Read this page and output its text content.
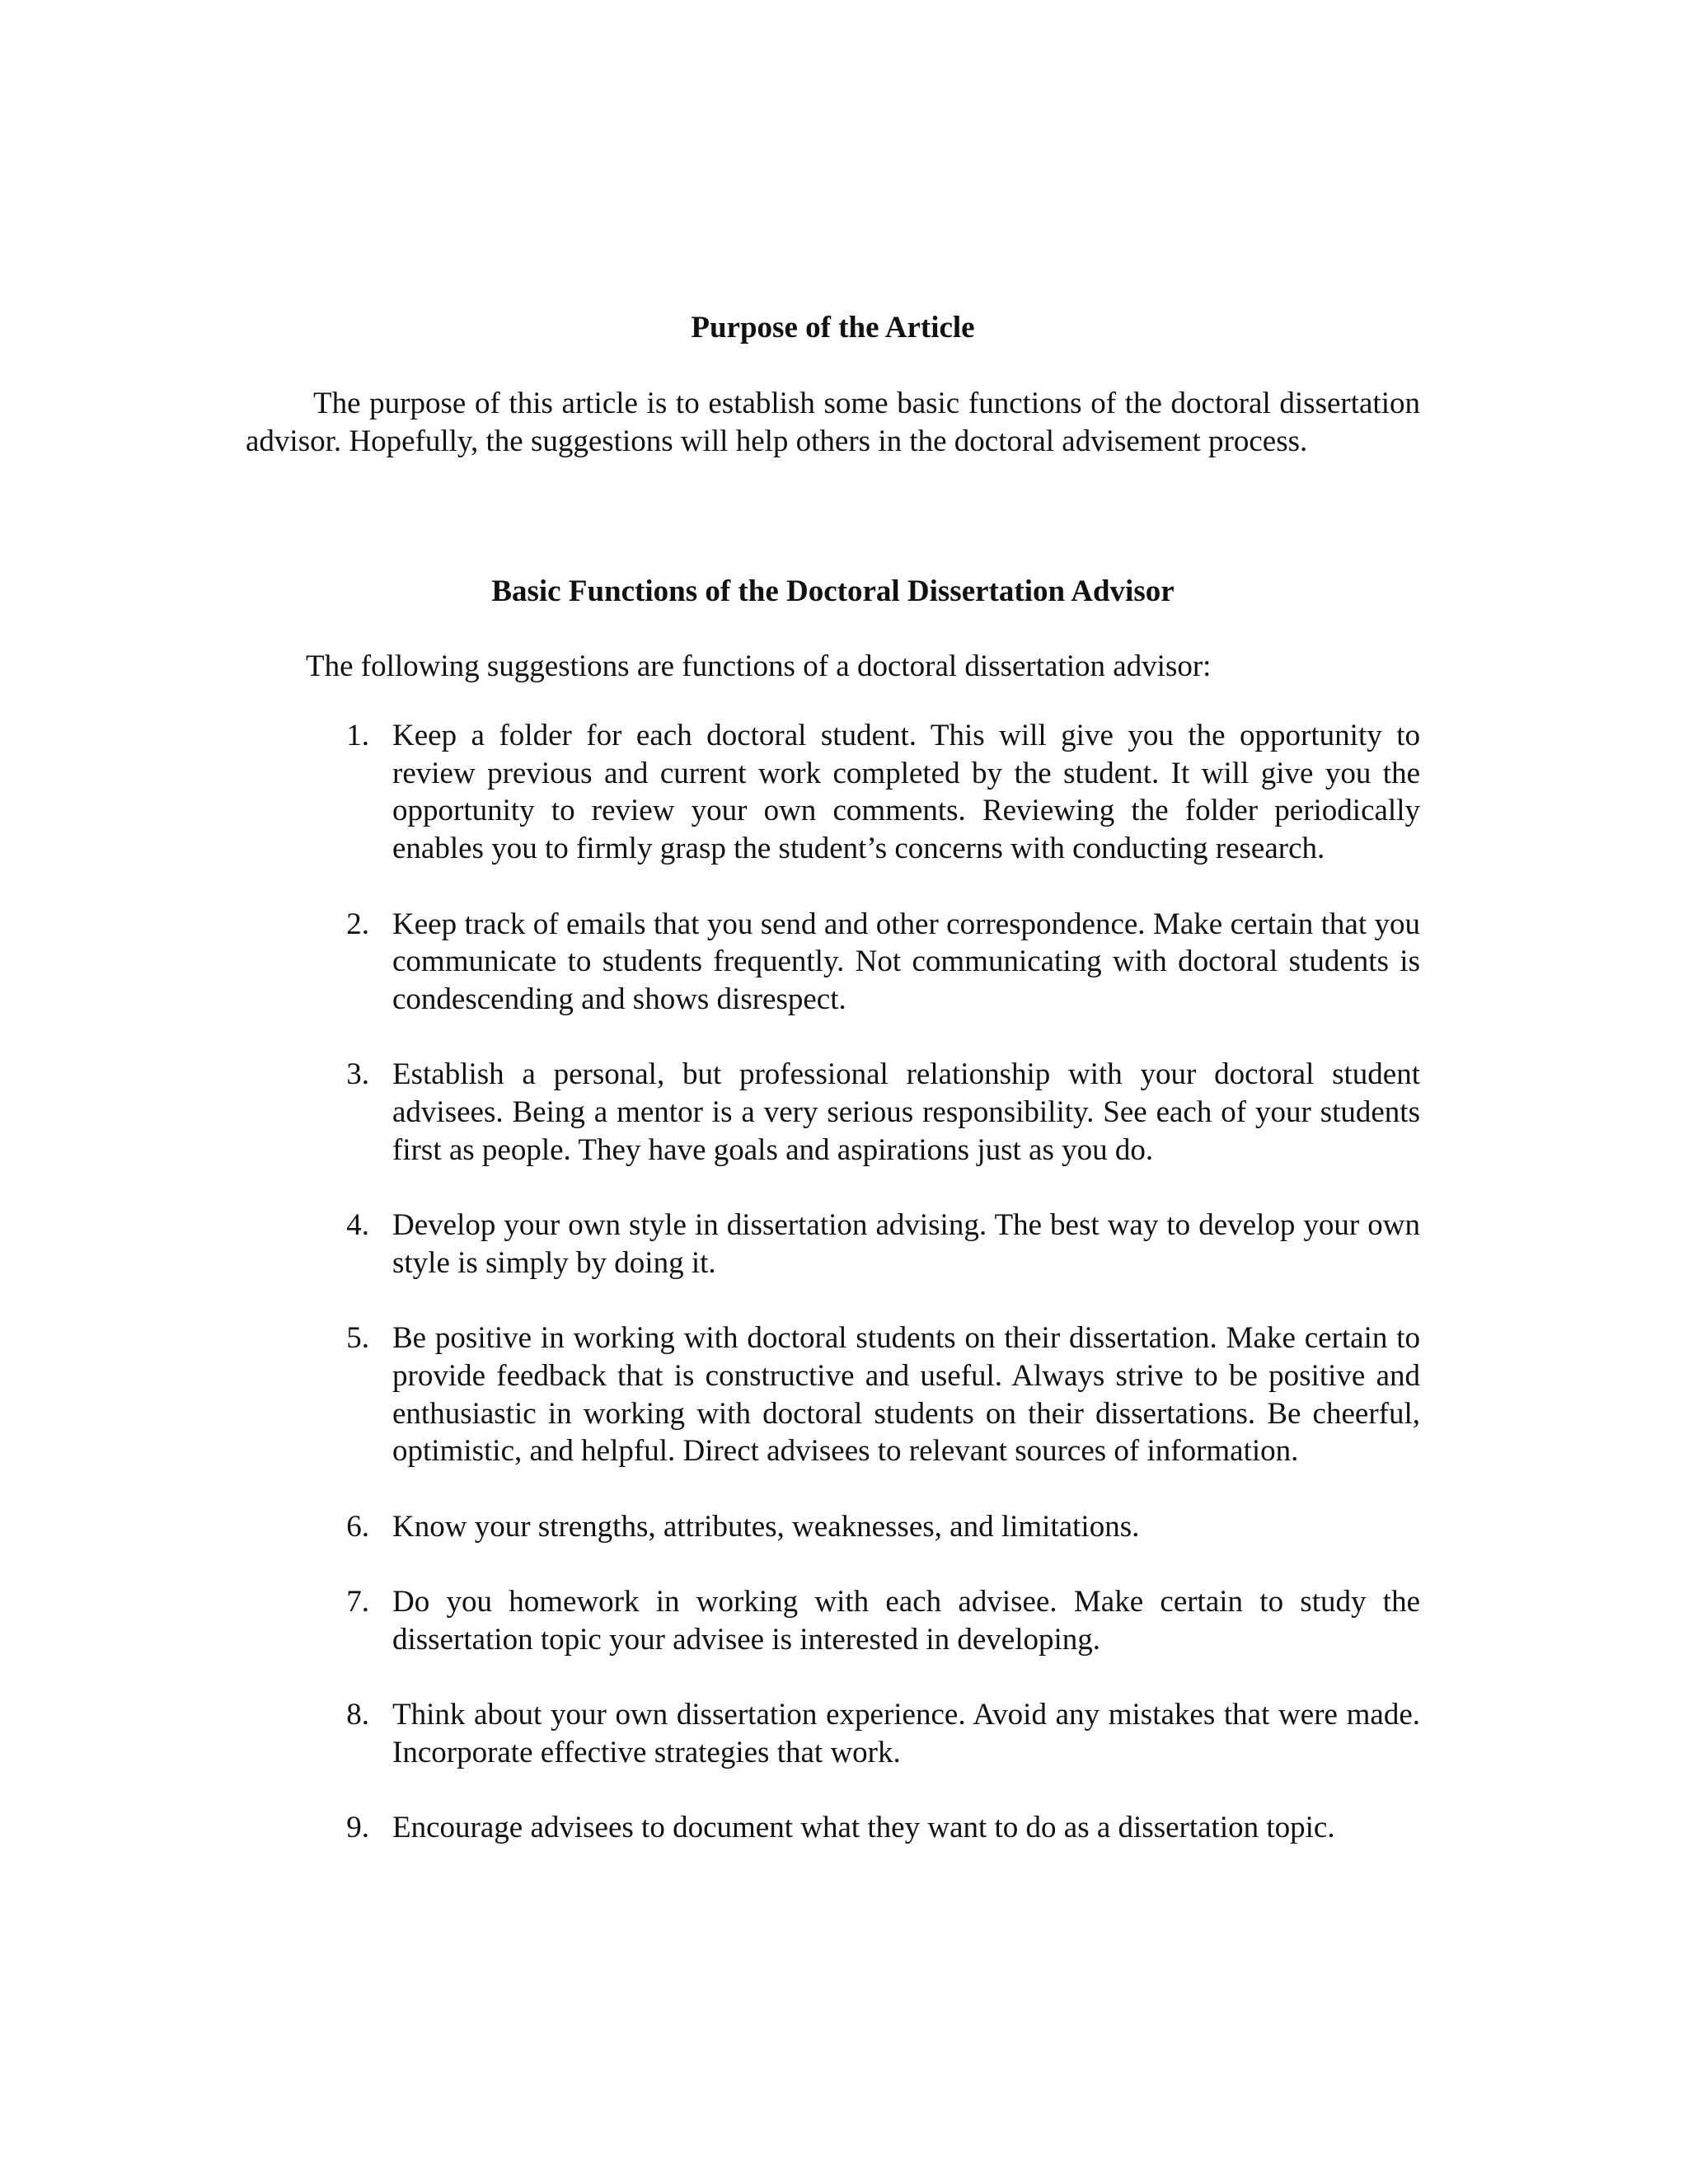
Purpose of the Article

The purpose of this article is to establish some basic functions of the doctoral dissertation advisor. Hopefully, the suggestions will help others in the doctoral advisement process.

Basic Functions of the Doctoral Dissertation Advisor

The following suggestions are functions of a doctoral dissertation advisor:

1. Keep a folder for each doctoral student. This will give you the opportunity to review previous and current work completed by the student. It will give you the opportunity to review your own comments. Reviewing the folder periodically enables you to firmly grasp the student’s concerns with conducting research.
2. Keep track of emails that you send and other correspondence. Make certain that you communicate to students frequently. Not communicating with doctoral students is condescending and shows disrespect.
3. Establish a personal, but professional relationship with your doctoral student advisees. Being a mentor is a very serious responsibility. See each of your students first as people. They have goals and aspirations just as you do.
4. Develop your own style in dissertation advising. The best way to develop your own style is simply by doing it.
5. Be positive in working with doctoral students on their dissertation. Make certain to provide feedback that is constructive and useful. Always strive to be positive and enthusiastic in working with doctoral students on their dissertations. Be cheerful, optimistic, and helpful. Direct advisees to relevant sources of information.
6. Know your strengths, attributes, weaknesses, and limitations.
7. Do you homework in working with each advisee. Make certain to study the dissertation topic your advisee is interested in developing.
8. Think about your own dissertation experience. Avoid any mistakes that were made. Incorporate effective strategies that work.
9. Encourage advisees to document what they want to do as a dissertation topic.
